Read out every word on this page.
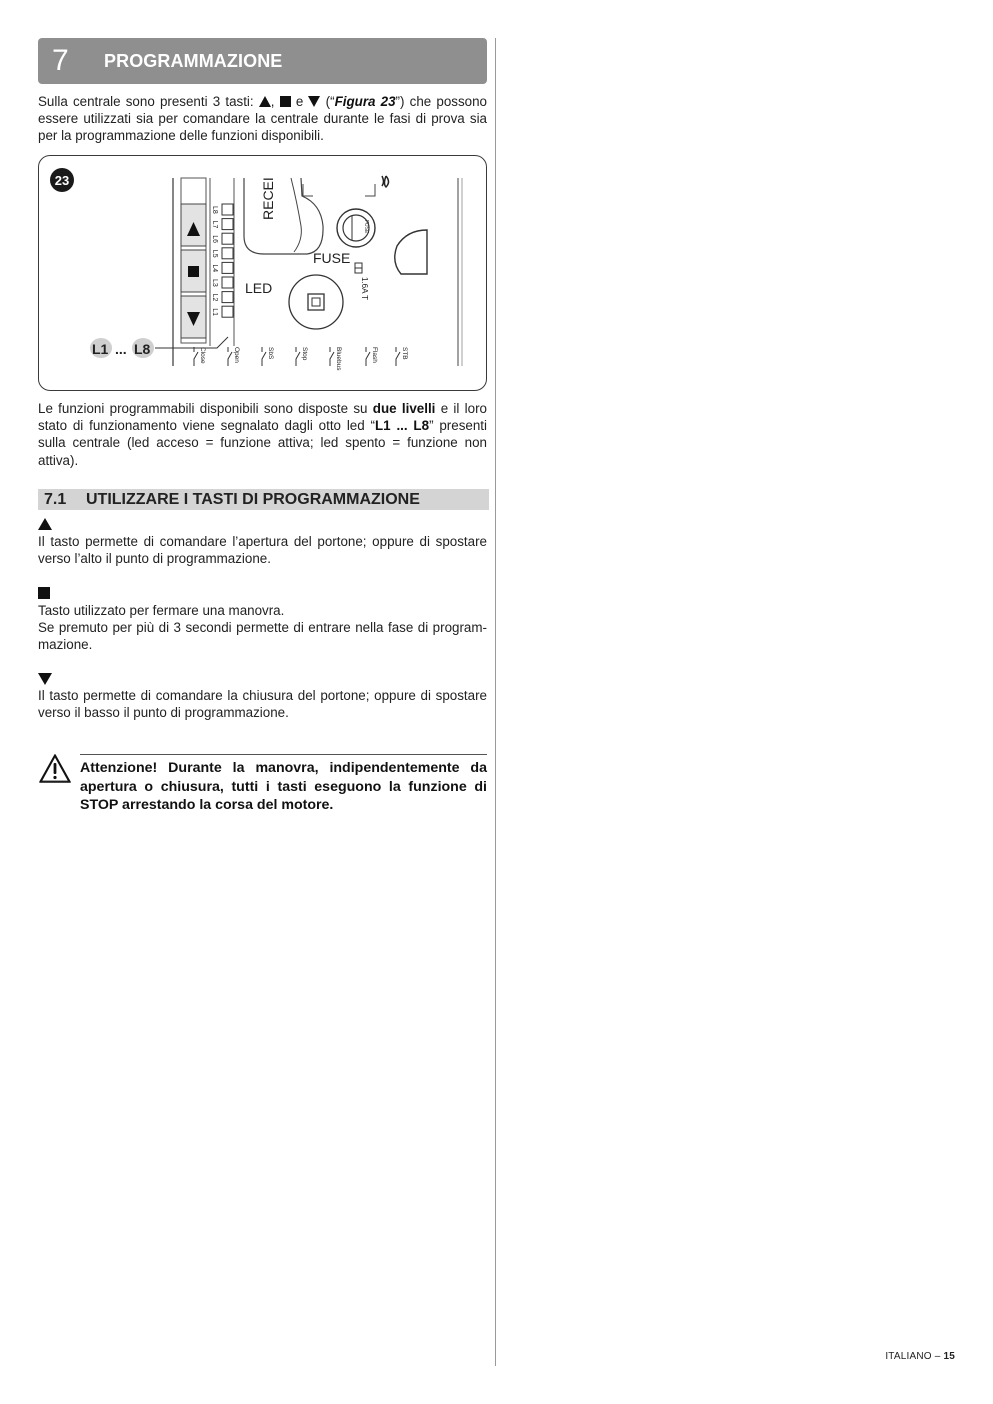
7 PROGRAMMAZIONE
Sulla centrale sono presenti 3 tasti: ,  e  (“Figura 23”) che possono essere utilizzati sia per comandare la centrale durante le fasi di prova sia per la programmazione delle funzioni disponibili.
23
L8
L7
L6
L5
L4
L3
L2
L1
RECEI
FUSE
FUSE
1.6A T
LED
Close	Open	SbS	Stop	Bluebus	Flash	STB
L1 ... L8
Le funzioni programmabili disponibili sono disposte su due livelli e il loro stato di funzionamento viene segnalato dagli otto led “L1 ... L8” presenti sulla centrale (led acceso = funzione attiva; led spento = funzione non attiva).
7.1 UTILIZZARE I TASTI DI PROGRAMMAZIONE
Il tasto permette di comandare l’apertura del portone; oppure di spostare verso l’alto il punto di programmazione.
Tasto utilizzato per fermare una manovra.
Se premuto per più di 3 secondi permette di entrare nella fase di program-mazione.
Il tasto permette di comandare la chiusura del portone; oppure di spostare verso il basso il punto di programmazione.
Attenzione! Durante la manovra, indipendentemente da apertura o chiusura, tutti i tasti eseguono la funzione di STOP arrestando la corsa del motore.
ITALIANO – 15
